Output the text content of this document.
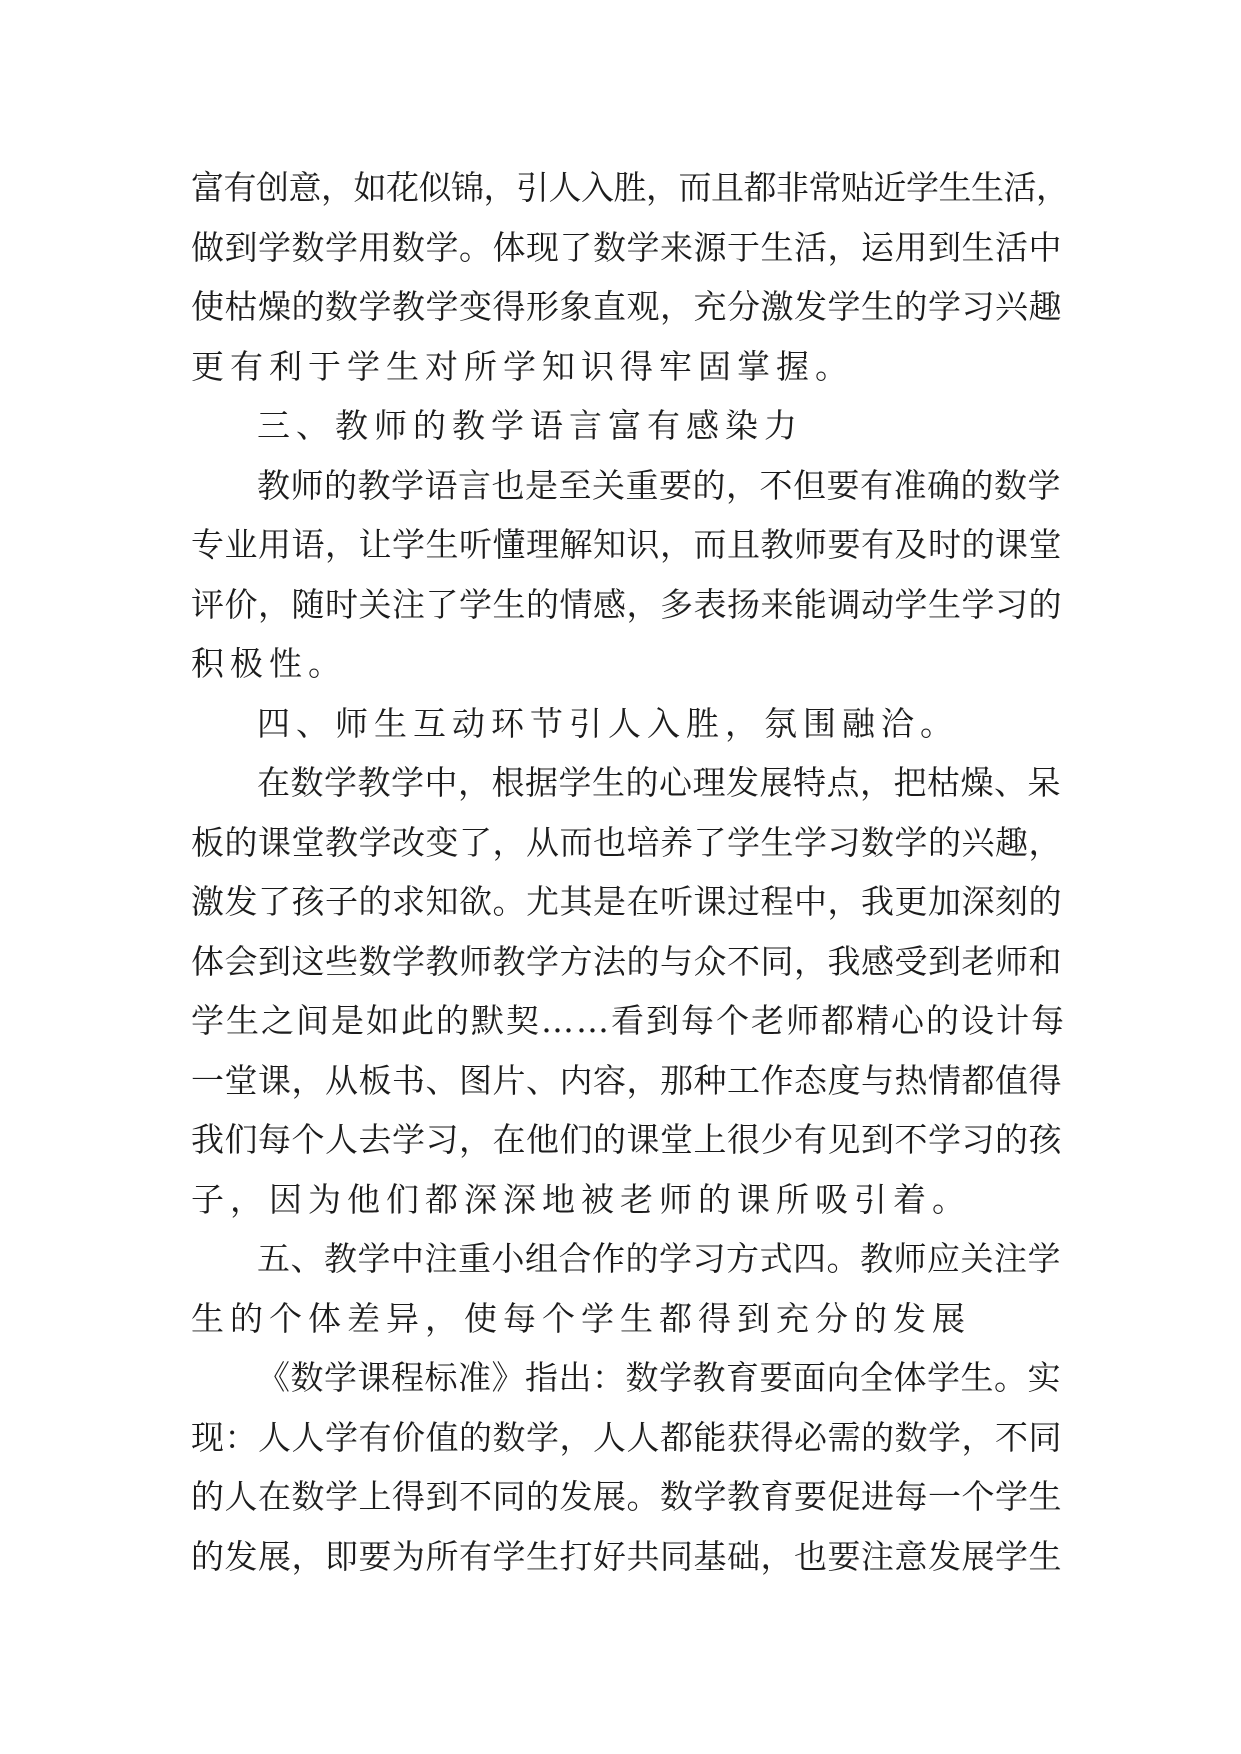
富有创意，如花似锦，引人入胜，而且都非常贴近学生生活，
做到学数学用数学。体现了数学来源于生活，运用到生活中
使枯燥的数学教学变得形象直观，充分激发学生的学习兴趣
更有利于学生对所学知识得牢固掌握。
三、教师的教学语言富有感染力
教师的教学语言也是至关重要的，不但要有准确的数学
专业用语，让学生听懂理解知识，而且教师要有及时的课堂
评价，随时关注了学生的情感，多表扬来能调动学生学习的
积极性。
四、师生互动环节引人入胜，氛围融洽。
在数学教学中，根据学生的心理发展特点，把枯燥、呆
板的课堂教学改变了，从而也培养了学生学习数学的兴趣，
激发了孩子的求知欲。尤其是在听课过程中，我更加深刻的
体会到这些数学教师教学方法的与众不同，我感受到老师和
学生之间是如此的默契……看到每个老师都精心的设计每
一堂课，从板书、图片、内容，那种工作态度与热情都值得
我们每个人去学习，在他们的课堂上很少有见到不学习的孩
子，因为他们都深深地被老师的课所吸引着。
五、教学中注重小组合作的学习方式四。教师应关注学
生的个体差异，使每个学生都得到充分的发展
《数学课程标准》指出：数学教育要面向全体学生。实
现：人人学有价值的数学，人人都能获得必需的数学，不同
的人在数学上得到不同的发展。数学教育要促进每一个学生
的发展，即要为所有学生打好共同基础，也要注意发展学生
